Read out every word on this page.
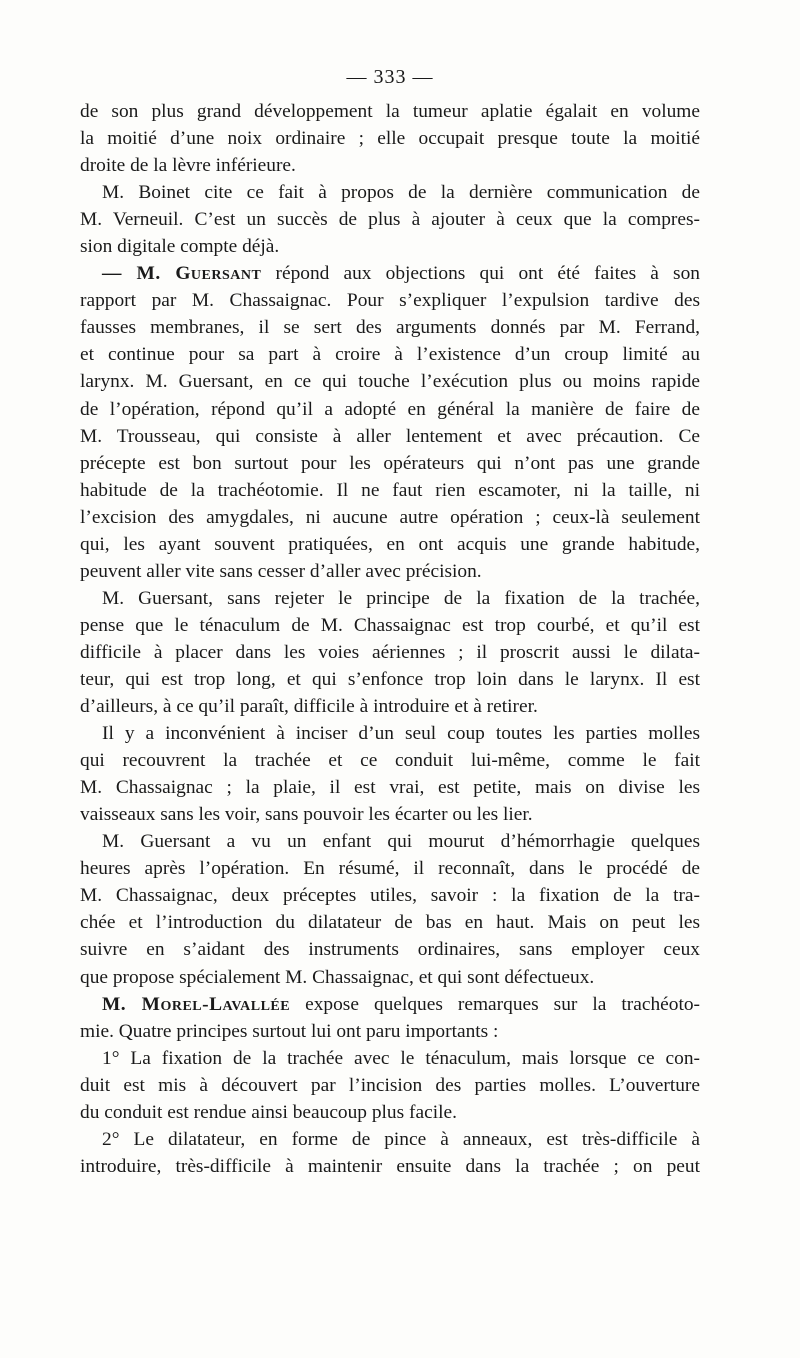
— 333 —
de son plus grand développement la tumeur aplatie égalait en volume
la moitié d’une noix ordinaire ; elle occupait presque toute la moitié
droite de la lèvre inférieure.
M. Boinet cite ce fait à propos de la dernière communication de
M. Verneuil. C’est un succès de plus à ajouter à ceux que la compres-
sion digitale compte déjà.
— M. Guersant répond aux objections qui ont été faites à son
rapport par M. Chassaignac. Pour s’expliquer l’expulsion tardive des
fausses membranes, il se sert des arguments donnés par M. Ferrand,
et continue pour sa part à croire à l’existence d’un croup limité au
larynx. M. Guersant, en ce qui touche l’exécution plus ou moins rapide
de l’opération, répond qu’il a adopté en général la manière de faire de
M. Trousseau, qui consiste à aller lentement et avec précaution. Ce
précepte est bon surtout pour les opérateurs qui n’ont pas une grande
habitude de la trachéotomie. Il ne faut rien escamoter, ni la taille, ni
l’excision des amygdales, ni aucune autre opération ; ceux-là seulement
qui, les ayant souvent pratiquées, en ont acquis une grande habitude,
peuvent aller vite sans cesser d’aller avec précision.
M. Guersant, sans rejeter le principe de la fixation de la trachée,
pense que le ténaculum de M. Chassaignac est trop courbé, et qu’il est
difficile à placer dans les voies aériennes ; il proscrit aussi le dilata-
teur, qui est trop long, et qui s’enfonce trop loin dans le larynx. Il est
d’ailleurs, à ce qu’il paraît, difficile à introduire et à retirer.
Il y a inconvénient à inciser d’un seul coup toutes les parties molles
qui recouvrent la trachée et ce conduit lui-même, comme le fait
M. Chassaignac ; la plaie, il est vrai, est petite, mais on divise les
vaisseaux sans les voir, sans pouvoir les écarter ou les lier.
M. Guersant a vu un enfant qui mourut d’hémorrhagie quelques
heures après l’opération. En résumé, il reconnaît, dans le procédé de
M. Chassaignac, deux préceptes utiles, savoir : la fixation de la tra-
chée et l’introduction du dilatateur de bas en haut. Mais on peut les
suivre en s’aidant des instruments ordinaires, sans employer ceux
que propose spécialement M. Chassaignac, et qui sont défectueux.
M. Morel-Lavallée expose quelques remarques sur la trachéoto-
mie. Quatre principes surtout lui ont paru importants :
1° La fixation de la trachée avec le ténaculum, mais lorsque ce con-
duit est mis à découvert par l’incision des parties molles. L’ouverture
du conduit est rendue ainsi beaucoup plus facile.
2° Le dilatateur, en forme de pince à anneaux, est très-difficile à
introduire, très-difficile à maintenir ensuite dans la trachée ; on peut
